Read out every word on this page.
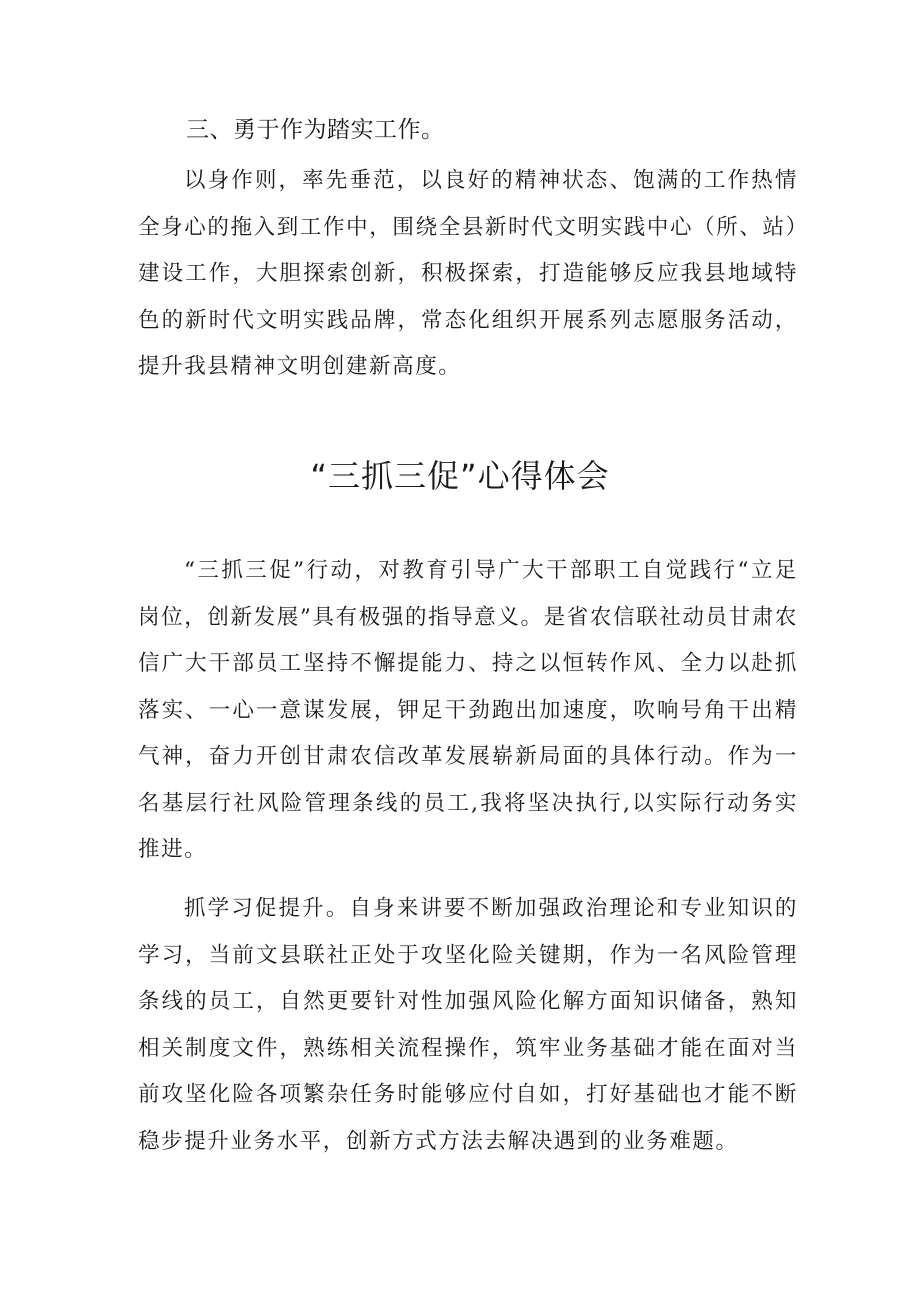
三、勇于作为踏实工作。

以身作则，率先垂范，以良好的精神状态、饱满的工作热情全身心的拖入到工作中，围绕全县新时代文明实践中心（所、站）建设工作，大胆探索创新，积极探索，打造能够反应我县地域特色的新时代文明实践品牌，常态化组织开展系列志愿服务活动，提升我县精神文明创建新高度。

“三抓三促”心得体会

“三抓三促”行动，对教育引导广大干部职工自觉践行“立足岗位，创新发展”具有极强的指导意义。是省农信联社动员甘肃农信广大干部员工坚持不懈提能力、持之以恒转作风、全力以赴抓落实、一心一意谋发展，钾足干劲跑出加速度，吹响号角干出精气神，奋力开创甘肃农信改革发展崭新局面的具体行动。作为一名基层行社风险管理条线的员工,我将坚决执行,以实际行动务实推进。

抓学习促提升。自身来讲要不断加强政治理论和专业知识的学习，当前文县联社正处于攻坚化险关键期，作为一名风险管理条线的员工，自然更要针对性加强风险化解方面知识储备，熟知相关制度文件，熟练相关流程操作，筑牢业务基础才能在面对当前攻坚化险各项繁杂任务时能够应付自如，打好基础也才能不断稳步提升业务水平，创新方式方法去解决遇到的业务难题。
